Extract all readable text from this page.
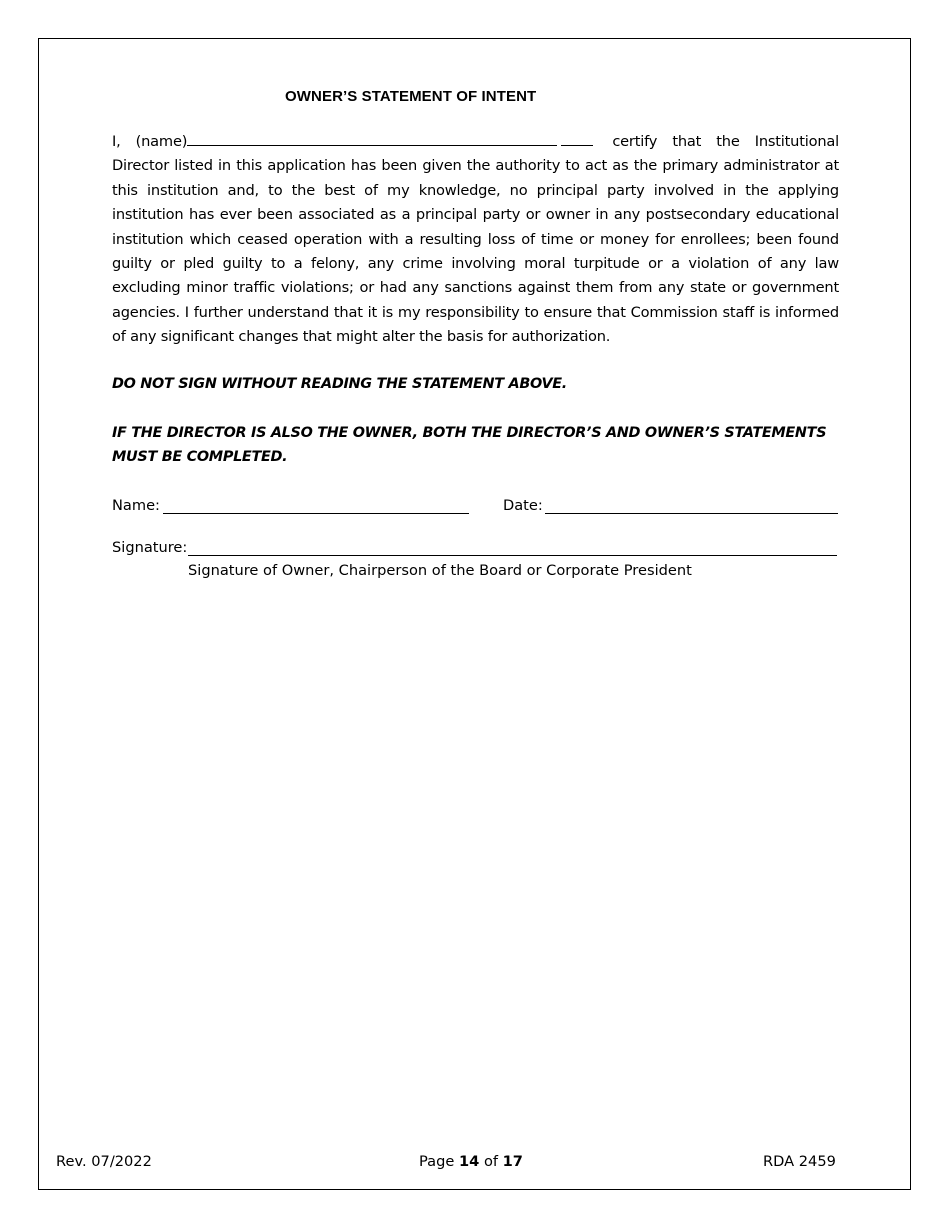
OWNER’S STATEMENT OF INTENT
I, (name)	certify that the Institutional Director listed in this application has been given the authority to act as the primary administrator at this institution and, to the best of my knowledge, no principal party involved in the applying institution has ever been associated as a principal party or owner in any postsecondary educational institution which ceased operation with a resulting loss of time or money for enrollees; been found guilty or pled guilty to a felony, any crime involving moral turpitude or a violation of any law excluding minor traffic violations; or had any sanctions against them from any state or government agencies. I further understand that it is my responsibility to ensure that Commission staff is informed of any significant changes that might alter the basis for authorization.
DO NOT SIGN WITHOUT READING THE STATEMENT ABOVE.
IF THE DIRECTOR IS ALSO THE OWNER, BOTH THE DIRECTOR’S AND OWNER’S STATEMENTS MUST BE COMPLETED.
Name:	Date:
Signature:
Signature of Owner, Chairperson of the Board or Corporate President
Rev. 07/2022	Page 14 of 17	RDA 2459
